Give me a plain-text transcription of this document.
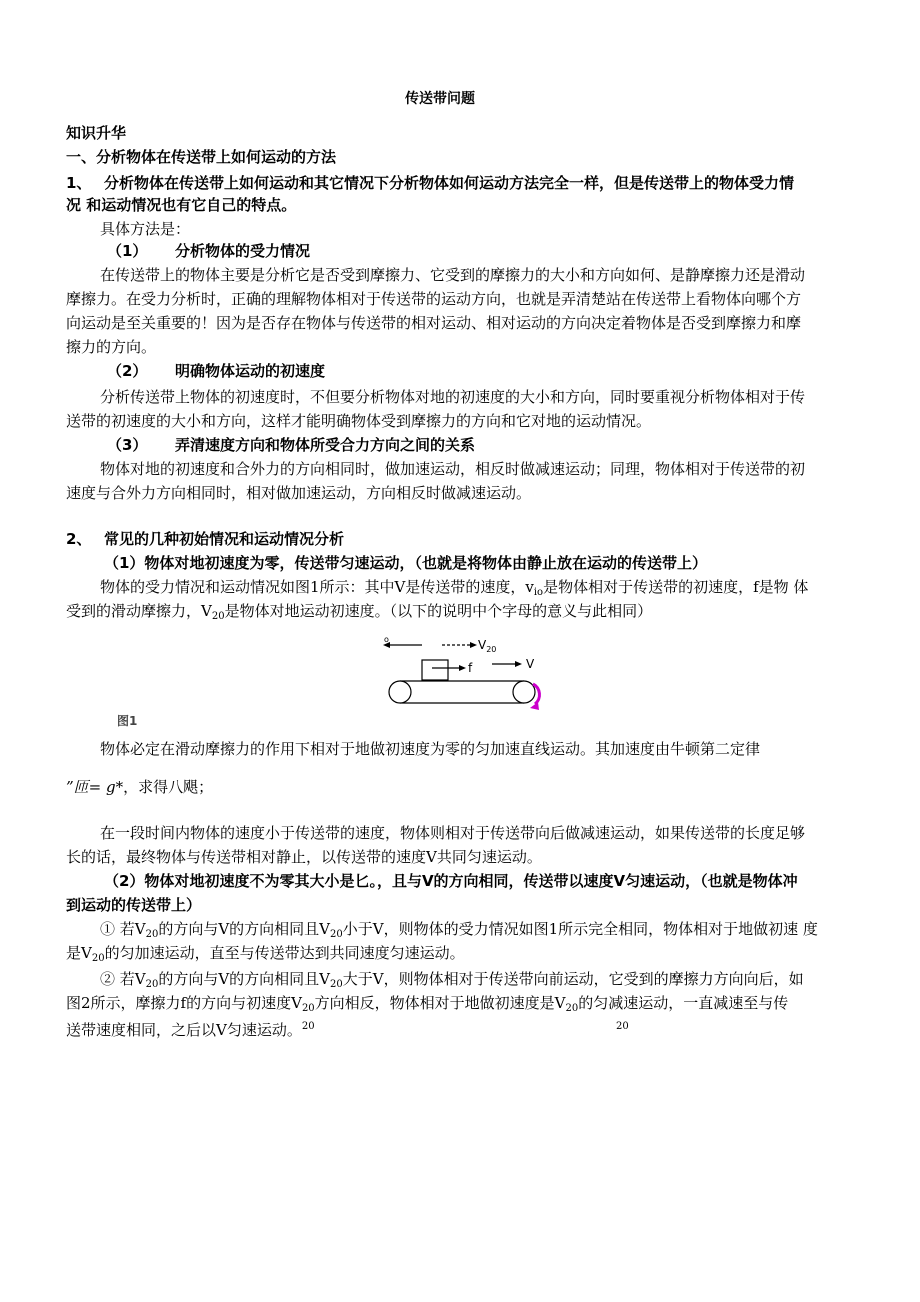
传送带问题
知识升华
一、分析物体在传送带上如何运动的方法
1、 分析物体在传送带上如何运动和其它情况下分析物体如何运动方法完全一样，但是传送带上的物体受力情
况 和运动情况也有它自己的特点。
具体方法是：
（1） 分析物体的受力情况
在传送带上的物体主要是分析它是否受到摩擦力、它受到的摩擦力的大小和方向如何、是静摩擦力还是滑动
摩擦力。在受力分析时，正确的理解物体相对于传送带的运动方向，也就是弄清楚站在传送带上看物体向哪个方
向运动是至关重要的！因为是否存在物体与传送带的相对运动、相对运动的方向决定着物体是否受到摩擦力和摩
擦力的方向。
（2） 明确物体运动的初速度
分析传送带上物体的初速度时，不但要分析物体对地的初速度的大小和方向，同时要重视分析物体相对于传
送带的初速度的大小和方向，这样才能明确物体受到摩擦力的方向和它对地的运动情况。
（3） 弄清速度方向和物体所受合力方向之间的关系
物体对地的初速度和合外力的方向相同时，做加速运动，相反时做减速运动；同理，物体相对于传送带的初
速度与合外力方向相同时，相对做加速运动，方向相反时做减速运动。
2、 常见的几种初始情况和运动情况分析
（1）物体对地初速度为零，传送带匀速运动，（也就是将物体由静止放在运动的传送带上）
物体的受力情况和运动情况如图1所示：其中V是传送带的速度，$v_{io}$是物体相对于传送带的初速度，f是物 体
受到的滑动摩擦力，$V_{20}$是物体对地运动初速度。（以下的说明中个字母的意义与此相同）
o	$V_{20}$
f	V
图1
物体必定在滑动摩擦力的作用下相对于地做初速度为零的匀加速直线运动。其加速度由牛顿第二定律
”匝= g*，求得八飓；
在一段时间内物体的速度小于传送带的速度，物体则相对于传送带向后做减速运动，如果传送带的长度足够
长的话，最终物体与传送带相对静止，以传送带的速度V共同匀速运动。
（2）物体对地初速度不为零其大小是匕。，且与V的方向相同，传送带以速度V匀速运动，（也就是物体冲
到运动的传送带上）
① 若$V_{20}$的方向与V的方向相同且$V_{20}$小于V，则物体的受力情况如图1所示完全相同，物体相对于地做初速 度
是$V_{20}$的匀加速运动，直至与传送带达到共同速度匀速运动。
② 若$V_{20}$的方向与V的方向相同且$V_{20}$大于V，则物体相对于传送带向前运动，它受到的摩擦力方向向后，如
图2所示，摩擦力f的方向与初速度$V_{20}$方向相反，物体相对于地做初速度是$V_{20}$的匀减速运动，一直减速至与传
送带速度相同，之后以V匀速运动。$^{20}$	20
